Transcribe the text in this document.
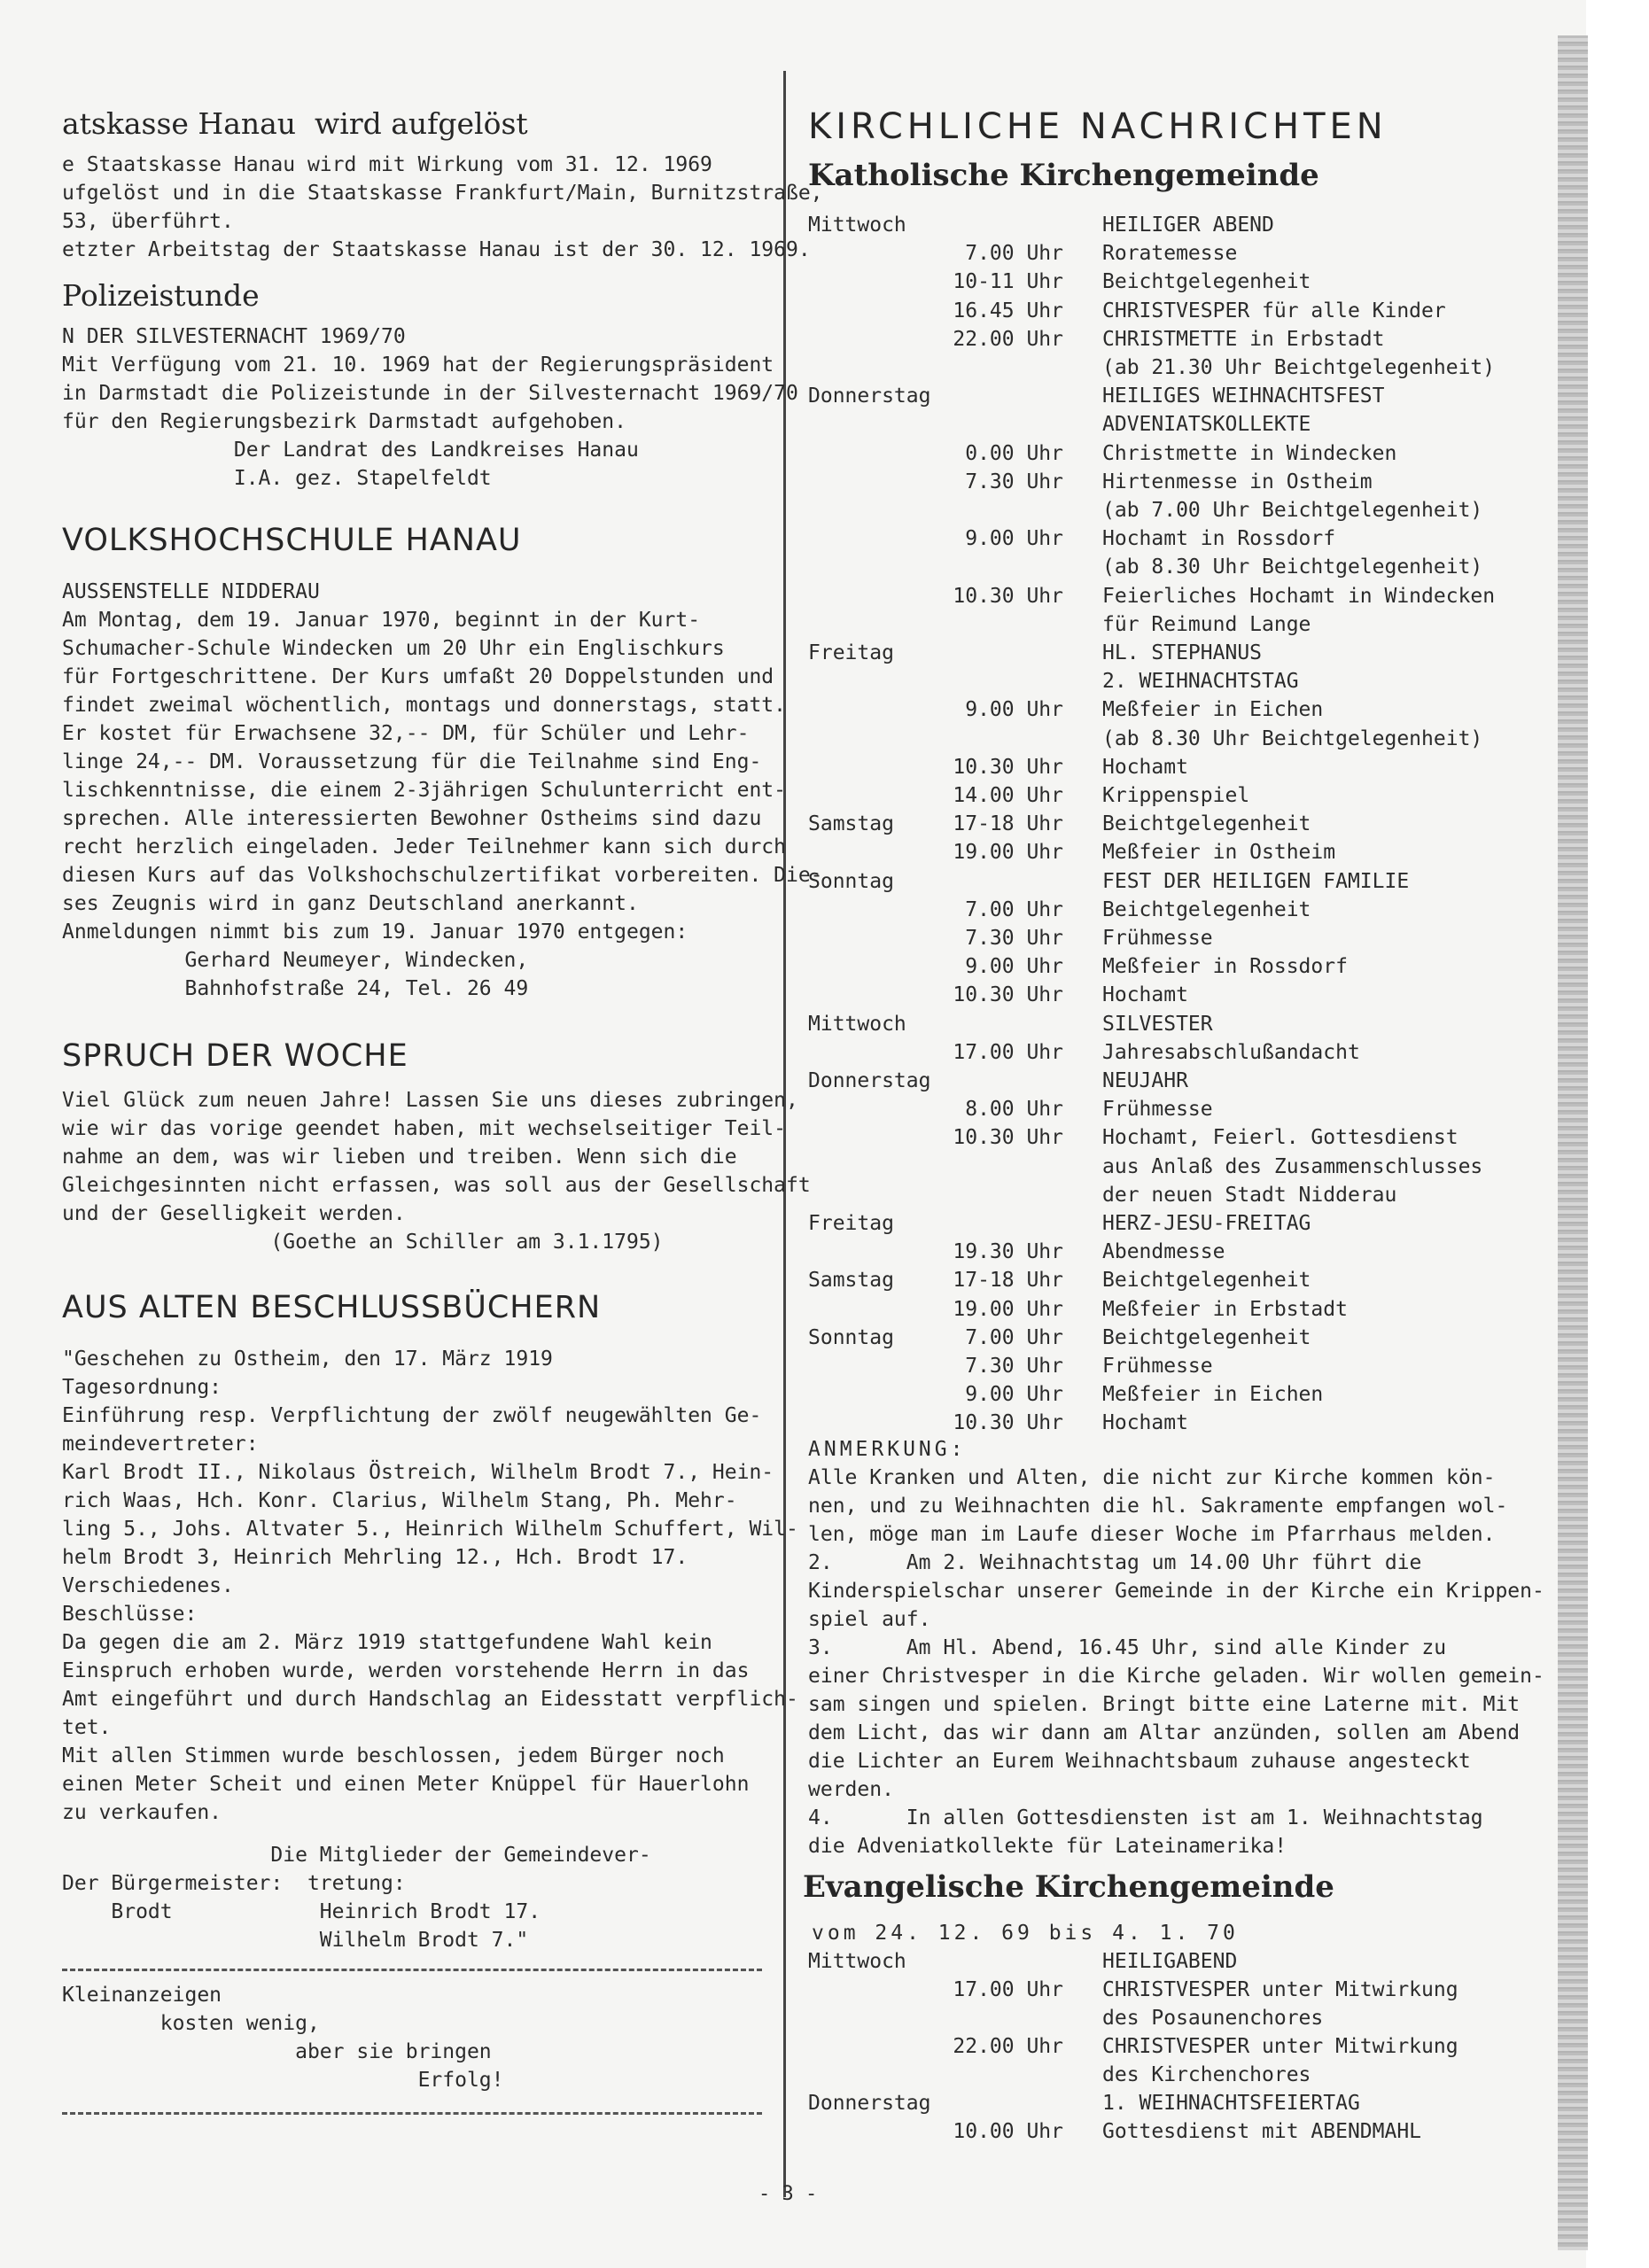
atskasse Hanau  wird aufgelöst
e Staatskasse Hanau wird mit Wirkung vom 31. 12. 1969
ufgelöst und in die Staatskasse Frankfurt/Main, Burnitzstraße,
53, überführt.
etzter Arbeitstag der Staatskasse Hanau ist der 30. 12. 1969.
Polizeistunde
N DER SILVESTERNACHT 1969/70
Mit Verfügung vom 21. 10. 1969 hat der Regierungspräsident
in Darmstadt die Polizeistunde in der Silvesternacht 1969/70
für den Regierungsbezirk Darmstadt aufgehoben.
Der Landrat des Landkreises Hanau
I.A. gez. Stapelfeldt
VOLKSHOCHSCHULE HANAU
AUSSENSTELLE NIDDERAU
Am Montag, dem 19. Januar 1970, beginnt in der Kurt-
Schumacher-Schule Windecken um 20 Uhr ein Englischkurs
für Fortgeschrittene. Der Kurs umfaßt 20 Doppelstunden und
findet zweimal wöchentlich, montags und donnerstags, statt.
Er kostet für Erwachsene 32,-- DM, für Schüler und Lehr-
linge 24,-- DM. Voraussetzung für die Teilnahme sind Eng-
lischkenntnisse, die einem 2-3jährigen Schulunterricht ent-
sprechen. Alle interessierten Bewohner Ostheims sind dazu
recht herzlich eingeladen. Jeder Teilnehmer kann sich durch
diesen Kurs auf das Volkshochschulzertifikat vorbereiten. Die-
ses Zeugnis wird in ganz Deutschland anerkannt.
Anmeldungen nimmt bis zum 19. Januar 1970 entgegen:
Gerhard Neumeyer, Windecken,
Bahnhofstraße 24, Tel. 26 49
SPRUCH DER WOCHE
Viel Glück zum neuen Jahre! Lassen Sie uns dieses zubringen,
wie wir das vorige geendet haben, mit wechselseitiger Teil-
nahme an dem, was wir lieben und treiben. Wenn sich die
Gleichgesinnten nicht erfassen, was soll aus der Gesellschaft
und der Geselligkeit werden.
(Goethe an Schiller am 3.1.1795)
AUS ALTEN BESCHLUSSBÜCHERN
"Geschehen zu Ostheim, den 17. März 1919
Tagesordnung:
Einführung resp. Verpflichtung der zwölf neugewählten Ge-
meindevertreter:
Karl Brodt II., Nikolaus Östreich, Wilhelm Brodt 7., Hein-
rich Waas, Hch. Konr. Clarius, Wilhelm Stang, Ph. Mehr-
ling 5., Johs. Altvater 5., Heinrich Wilhelm Schuffert, Wil-
helm Brodt 3, Heinrich Mehrling 12., Hch. Brodt 17.
Verschiedenes.
Beschlüsse:
Da gegen die am 2. März 1919 stattgefundene Wahl kein
Einspruch erhoben wurde, werden vorstehende Herrn in das
Amt eingeführt und durch Handschlag an Eidesstatt verpflich-
tet.
Mit allen Stimmen wurde beschlossen, jedem Bürger noch
einen Meter Scheit und einen Meter Knüppel für Hauerlohn
zu verkaufen.
Die Mitglieder der Gemeindever-
Der Bürgermeister:  tretung:
Brodt            Heinrich Brodt 17.
Wilhelm Brodt 7."
Kleinanzeigen
kosten wenig,
aber sie bringen
Erfolg!
KIRCHLICHE NACHRICHTEN
Katholische Kirchengemeinde
Mittwoch	HEILIGER ABEND
7.00 Uhr Roratemesse
10-11 Uhr Beichtgelegenheit
16.45 Uhr CHRISTVESPER für alle Kinder
22.00 Uhr CHRISTMETTE in Erbstadt
(ab 21.30 Uhr Beichtgelegenheit)
Donnerstag	HEILIGES WEIHNACHTSFEST
ADVENIATSKOLLEKTE
0.00 Uhr Christmette in Windecken
7.30 Uhr Hirtenmesse in Ostheim
(ab 7.00 Uhr Beichtgelegenheit)
9.00 Uhr Hochamt in Rossdorf
(ab 8.30 Uhr Beichtgelegenheit)
10.30 Uhr Feierliches Hochamt in Windecken
für Reimund Lange
Freitag	HL. STEPHANUS
2. WEIHNACHTSTAG
9.00 Uhr Meßfeier in Eichen
(ab 8.30 Uhr Beichtgelegenheit)
10.30 Uhr Hochamt
14.00 Uhr Krippenspiel
Samstag	17-18 Uhr Beichtgelegenheit
19.00 Uhr Meßfeier in Ostheim
Sonntag	FEST DER HEILIGEN FAMILIE
7.00 Uhr Beichtgelegenheit
7.30 Uhr Frühmesse
9.00 Uhr Meßfeier in Rossdorf
10.30 Uhr Hochamt
Mittwoch	SILVESTER
17.00 Uhr Jahresabschlußandacht
Donnerstag	NEUJAHR
8.00 Uhr Frühmesse
10.30 Uhr Hochamt, Feierl. Gottesdienst
aus Anlaß des Zusammenschlusses
der neuen Stadt Nidderau
Freitag	HERZ-JESU-FREITAG
19.30 Uhr Abendmesse
Samstag	17-18 Uhr Beichtgelegenheit
19.00 Uhr Meßfeier in Erbstadt
Sonntag	7.00 Uhr Beichtgelegenheit
7.30 Uhr Frühmesse
9.00 Uhr Meßfeier in Eichen
10.30 Uhr Hochamt
ANMERKUNG:
Alle Kranken und Alten, die nicht zur Kirche kommen kön-
nen, und zu Weihnachten die hl. Sakramente empfangen wol-
len, möge man im Laufe dieser Woche im Pfarrhaus melden.
2.      Am 2. Weihnachtstag um 14.00 Uhr führt die
Kinderspielschar unserer Gemeinde in der Kirche ein Krippen-
spiel auf.
3.      Am Hl. Abend, 16.45 Uhr, sind alle Kinder zu
einer Christvesper in die Kirche geladen. Wir wollen gemein-
sam singen und spielen. Bringt bitte eine Laterne mit. Mit
dem Licht, das wir dann am Altar anzünden, sollen am Abend
die Lichter an Eurem Weihnachtsbaum zuhause angesteckt
werden.
4.      In allen Gottesdiensten ist am 1. Weihnachtstag
die Adveniatkollekte für Lateinamerika!
Evangelische Kirchengemeinde
vom 24. 12. 69 bis 4. 1. 70
Mittwoch	HEILIGABEND
17.00 Uhr CHRISTVESPER unter Mitwirkung
des Posaunenchores
22.00 Uhr CHRISTVESPER unter Mitwirkung
des Kirchenchores
Donnerstag	1. WEIHNACHTSFEIERTAG
10.00 Uhr Gottesdienst mit ABENDMAHL
- 3 -
